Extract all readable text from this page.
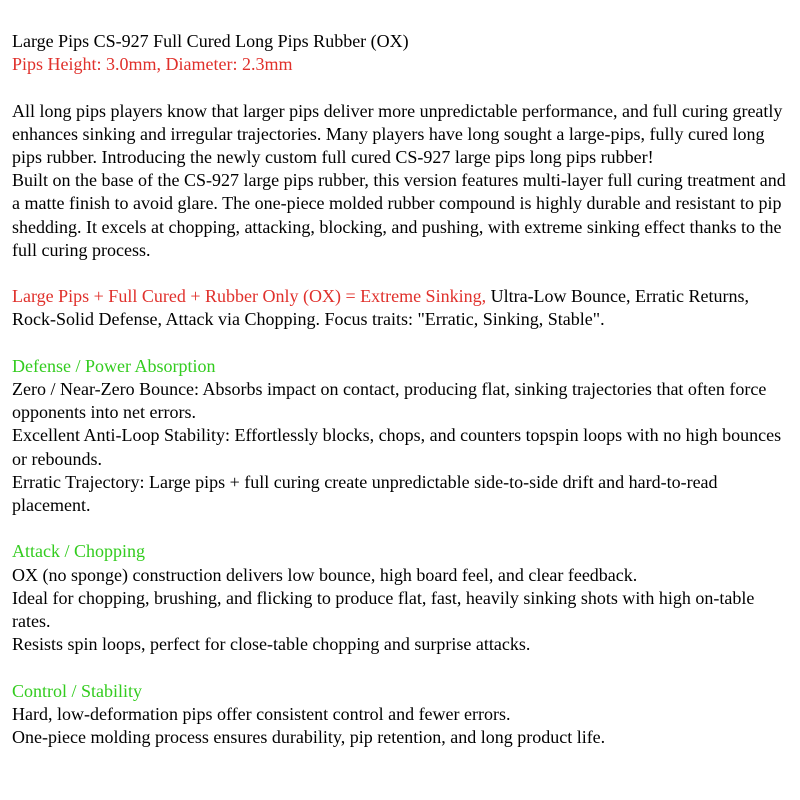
Large Pips CS-927 Full Cured Long Pips Rubber (OX)

Pips Height: 3.0mm, Diameter: 2.3mm

All long pips players know that larger pips deliver more unpredictable performance, and full curing greatly enhances sinking and irregular trajectories. Many players have long sought a large-pips, fully cured long pips rubber. Introducing the newly custom full cured CS-927 large pips long pips rubber!

Built on the base of the CS-927 large pips rubber, this version features multi-layer full curing treatment and a matte finish to avoid glare. The one-piece molded rubber compound is highly durable and resistant to pip shedding. It excels at chopping, attacking, blocking, and pushing, with extreme sinking effect thanks to the full curing process.

Large Pips + Full Cured + Rubber Only (OX) = Extreme Sinking, Ultra-Low Bounce, Erratic Returns, Rock-Solid Defense, Attack via Chopping. Focus traits: "Erratic, Sinking, Stable".

Defense / Power Absorption

Zero / Near-Zero Bounce: Absorbs impact on contact, producing flat, sinking trajectories that often force opponents into net errors.

Excellent Anti-Loop Stability: Effortlessly blocks, chops, and counters topspin loops with no high bounces or rebounds.

Erratic Trajectory: Large pips + full curing create unpredictable side-to-side drift and hard-to-read placement.

Attack / Chopping

OX (no sponge) construction delivers low bounce, high board feel, and clear feedback.

Ideal for chopping, brushing, and flicking to produce flat, fast, heavily sinking shots with high on-table rates.

Resists spin loops, perfect for close-table chopping and surprise attacks.

Control / Stability

Hard, low-deformation pips offer consistent control and fewer errors.

One-piece molding process ensures durability, pip retention, and long product life.
